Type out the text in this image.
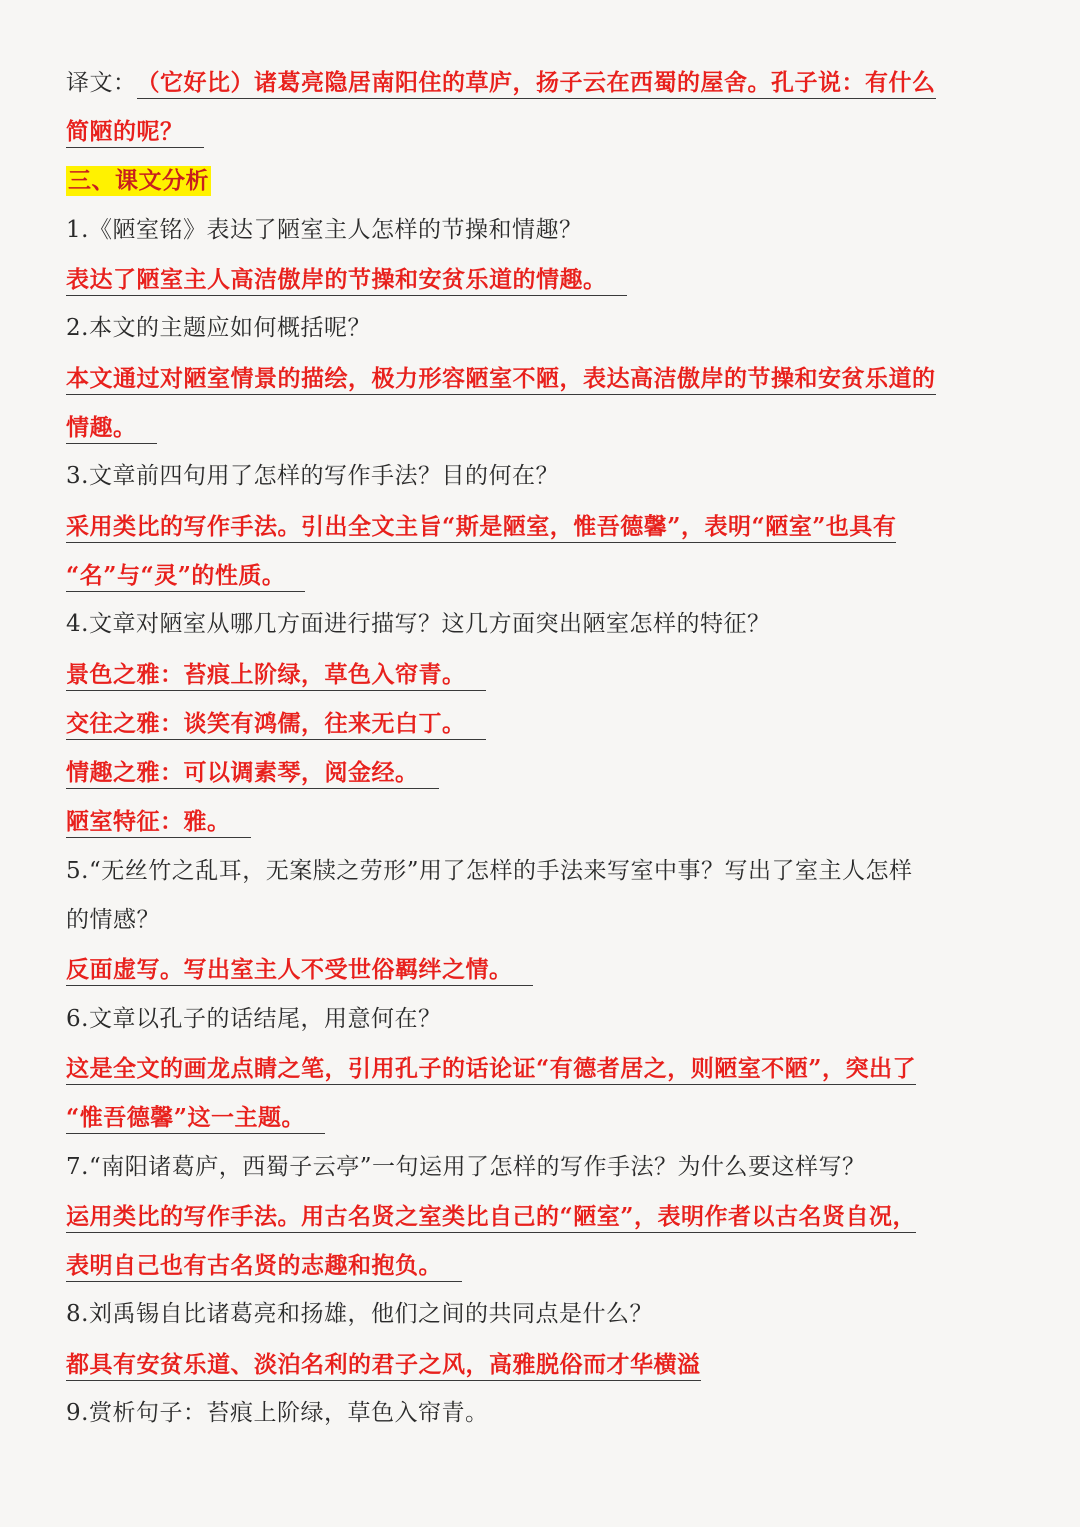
译文：（它好比）诸葛亮隐居南阳住的草庐，扬子云在西蜀的屋舍。孔子说：有什么
简陋的呢？
三、课文分析
1.《陋室铭》表达了陋室主人怎样的节操和情趣？
表达了陋室主人高洁傲岸的节操和安贫乐道的情趣。
2.本文的主题应如何概括呢？
本文通过对陋室情景的描绘，极力形容陋室不陋，表达高洁傲岸的节操和安贫乐道的
情趣。
3.文章前四句用了怎样的写作手法？目的何在？
采用类比的写作手法。引出全文主旨“斯是陋室，惟吾德馨”，表明“陋室”也具有
“名”与“灵”的性质。
4.文章对陋室从哪几方面进行描写？这几方面突出陋室怎样的特征？
景色之雅：苔痕上阶绿，草色入帘青。
交往之雅：谈笑有鸿儒，往来无白丁。
情趣之雅：可以调素琴，阅金经。
陋室特征：雅。
5.“无丝竹之乱耳，无案牍之劳形”用了怎样的手法来写室中事？写出了室主人怎样
的情感？
反面虚写。写出室主人不受世俗羁绊之情。
6.文章以孔子的话结尾，用意何在？
这是全文的画龙点睛之笔，引用孔子的话论证“有德者居之，则陋室不陋”，突出了
“惟吾德馨”这一主题。
7.“南阳诸葛庐，西蜀子云亭”一句运用了怎样的写作手法？为什么要这样写？
运用类比的写作手法。用古名贤之室类比自己的“陋室”，表明作者以古名贤自况，
表明自己也有古名贤的志趣和抱负。
8.刘禹锡自比诸葛亮和扬雄，他们之间的共同点是什么？
都具有安贫乐道、淡泊名利的君子之风，高雅脱俗而才华横溢
9.赏析句子：苔痕上阶绿，草色入帘青。
